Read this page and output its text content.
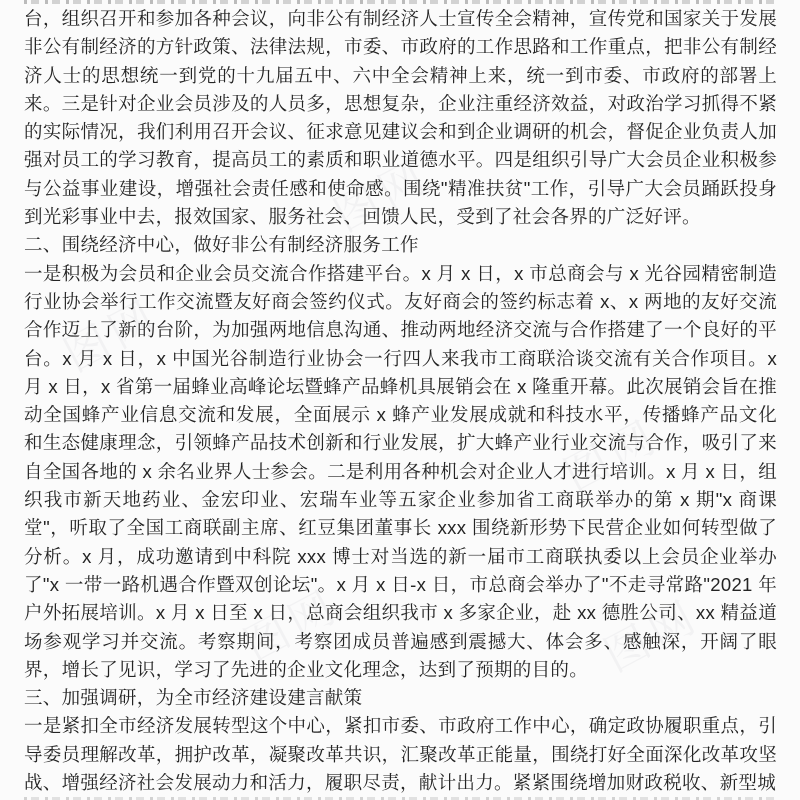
图网
图网
图网
图网	图网

台，组织召开和参加各种会议，向非公有制经济人士宣传全会精神，宣传党和国家关于发展非公有制经济的方针政策、法律法规，市委、市政府的工作思路和工作重点，把非公有制经济人士的思想统一到党的十九届五中、六中全会精神上来，统一到市委、市政府的部署上来。三是针对企业会员涉及的人员多，思想复杂，企业注重经济效益，对政治学习抓得不紧的实际情况，我们利用召开会议、征求意见建议会和到企业调研的机会，督促企业负责人加强对员工的学习教育，提高员工的素质和职业道德水平。四是组织引导广大会员企业积极参与公益事业建设，增强社会责任感和使命感。围绕"精准扶贫"工作，引导广大会员踊跃投身到光彩事业中去，报效国家、服务社会、回馈人民，受到了社会各界的广泛好评。

二、围绕经济中心，做好非公有制经济服务工作

一是积极为会员和企业会员交流合作搭建平台。x 月 x 日，x 市总商会与 x 光谷园精密制造行业协会举行工作交流暨友好商会签约仪式。友好商会的签约标志着 x、x 两地的友好交流合作迈上了新的台阶，为加强两地信息沟通、推动两地经济交流与合作搭建了一个良好的平台。x 月 x 日，x 中国光谷制造行业协会一行四人来我市工商联洽谈交流有关合作项目。x 月 x 日，x 省第一届蜂业高峰论坛暨蜂产品蜂机具展销会在 x 隆重开幕。此次展销会旨在推动全国蜂产业信息交流和发展，全面展示 x 蜂产业发展成就和科技水平，传播蜂产品文化和生态健康理念，引领蜂产品技术创新和行业发展，扩大蜂产业行业交流与合作，吸引了来自全国各地的 x 余名业界人士参会。二是利用各种机会对企业人才进行培训。x 月 x 日，组织我市新天地药业、金宏印业、宏瑞车业等五家企业参加省工商联举办的第 x 期"x 商课堂"，听取了全国工商联副主席、红豆集团董事长 xxx 围绕新形势下民营企业如何转型做了分析。x 月，成功邀请到中科院 xxx 博士对当选的新一届市工商联执委以上会员企业举办了"x 一带一路机遇合作暨双创论坛"。x 月 x 日-x 日，市总商会举办了"不走寻常路"2021 年户外拓展培训。x 月 x 日至 x 日，总商会组织我市 x 多家企业，赴 xx 德胜公司、xx 精益道场参观学习并交流。考察期间，考察团成员普遍感到震撼大、体会多、感触深，开阔了眼界，增长了见识，学习了先进的企业文化理念，达到了预期的目的。

三、加强调研，为全市经济建设建言献策

一是紧扣全市经济发展转型这个中心，紧扣市委、市政府工作中心，确定政协履职重点，引导委员理解改革，拥护改革，凝聚改革共识，汇聚改革正能量，围绕打好全面深化改革攻坚战、增强经济社会发展动力和活力，履职尽责，献计出力。紧紧围绕增加财政税收、新型城
